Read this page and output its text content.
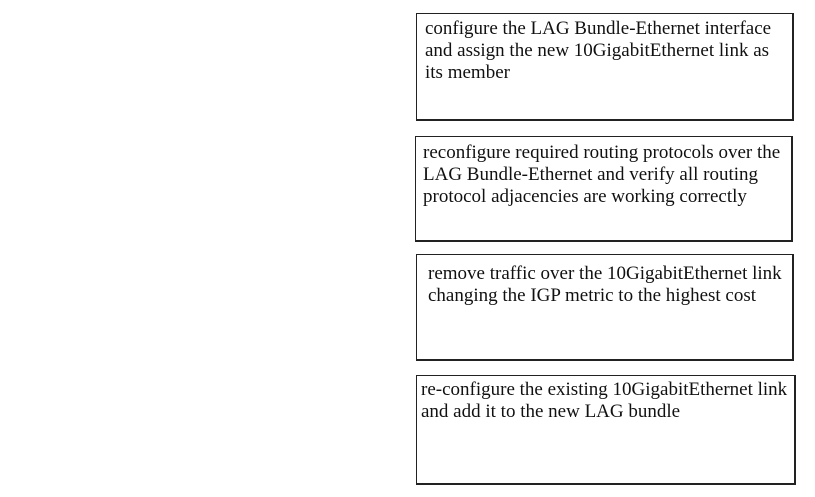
configure the LAG Bundle-Ethernet interface and assign the new 10GigabitEthernet link as its member
reconfigure required routing protocols over the LAG Bundle-Ethernet and verify all routing protocol adjacencies are working correctly
remove traffic over the 10GigabitEthernet link changing the IGP metric to the highest cost
re-configure the existing 10GigabitEthernet link and add it to the new LAG bundle
